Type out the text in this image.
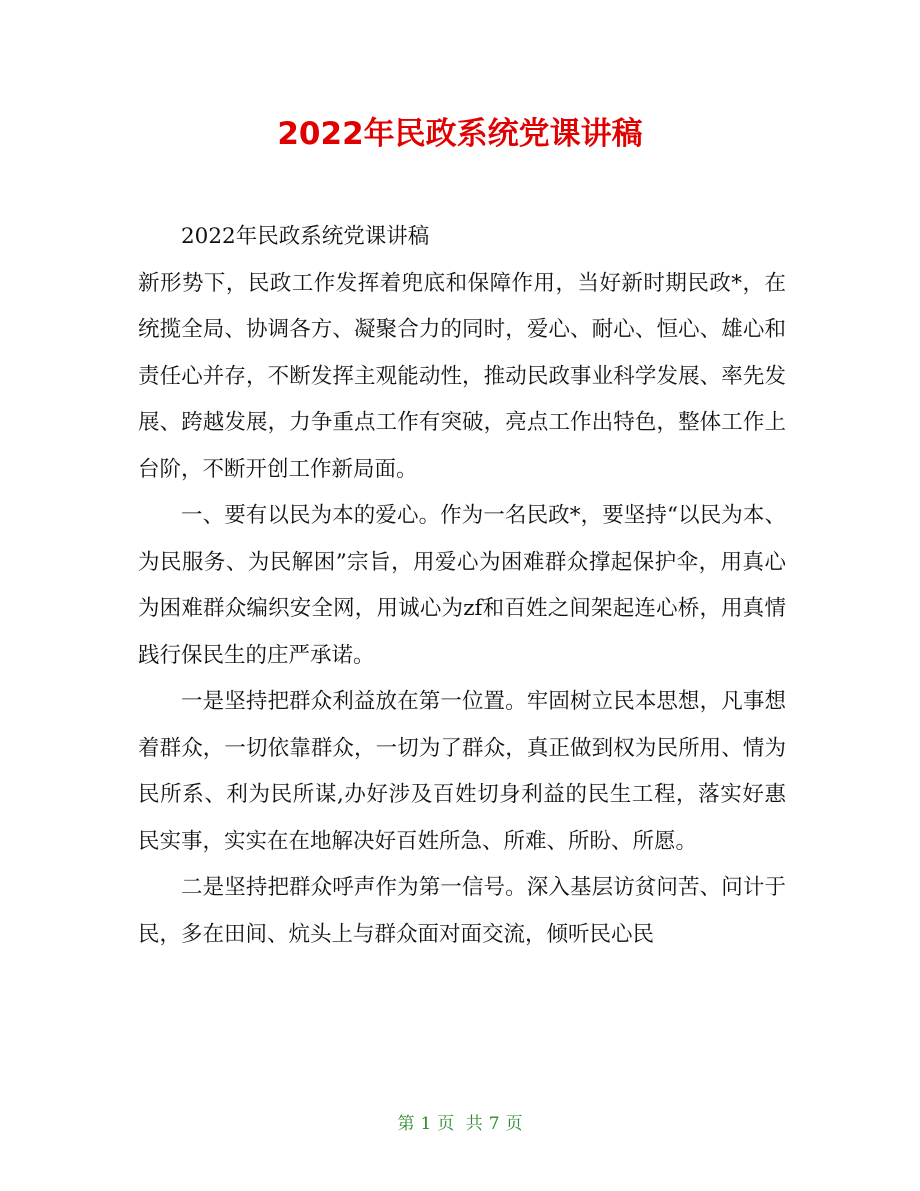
2022年民政系统党课讲稿

2022年民政系统党课讲稿

新形势下，民政工作发挥着兜底和保障作用，当好新时期民政*，在统揽全局、协调各方、凝聚合力的同时，爱心、耐心、恒心、雄心和责任心并存，不断发挥主观能动性，推动民政事业科学发展、率先发展、跨越发展，力争重点工作有突破，亮点工作出特色，整体工作上台阶，不断开创工作新局面。

一、要有以民为本的爱心。作为一名民政*，要坚持“以民为本、为民服务、为民解困”宗旨，用爱心为困难群众撑起保护伞，用真心为困难群众编织安全网，用诚心为zf和百姓之间架起连心桥，用真情践行保民生的庄严承诺。

一是坚持把群众利益放在第一位置。牢固树立民本思想，凡事想着群众，一切依靠群众，一切为了群众，真正做到权为民所用、情为民所系、利为民所谋,办好涉及百姓切身利益的民生工程，落实好惠民实事，实实在在地解决好百姓所急、所难、所盼、所愿。

二是坚持把群众呼声作为第一信号。深入基层访贫问苦、问计于民，多在田间、炕头上与群众面对面交流，倾听民心民

第 1 页 共 7 页
